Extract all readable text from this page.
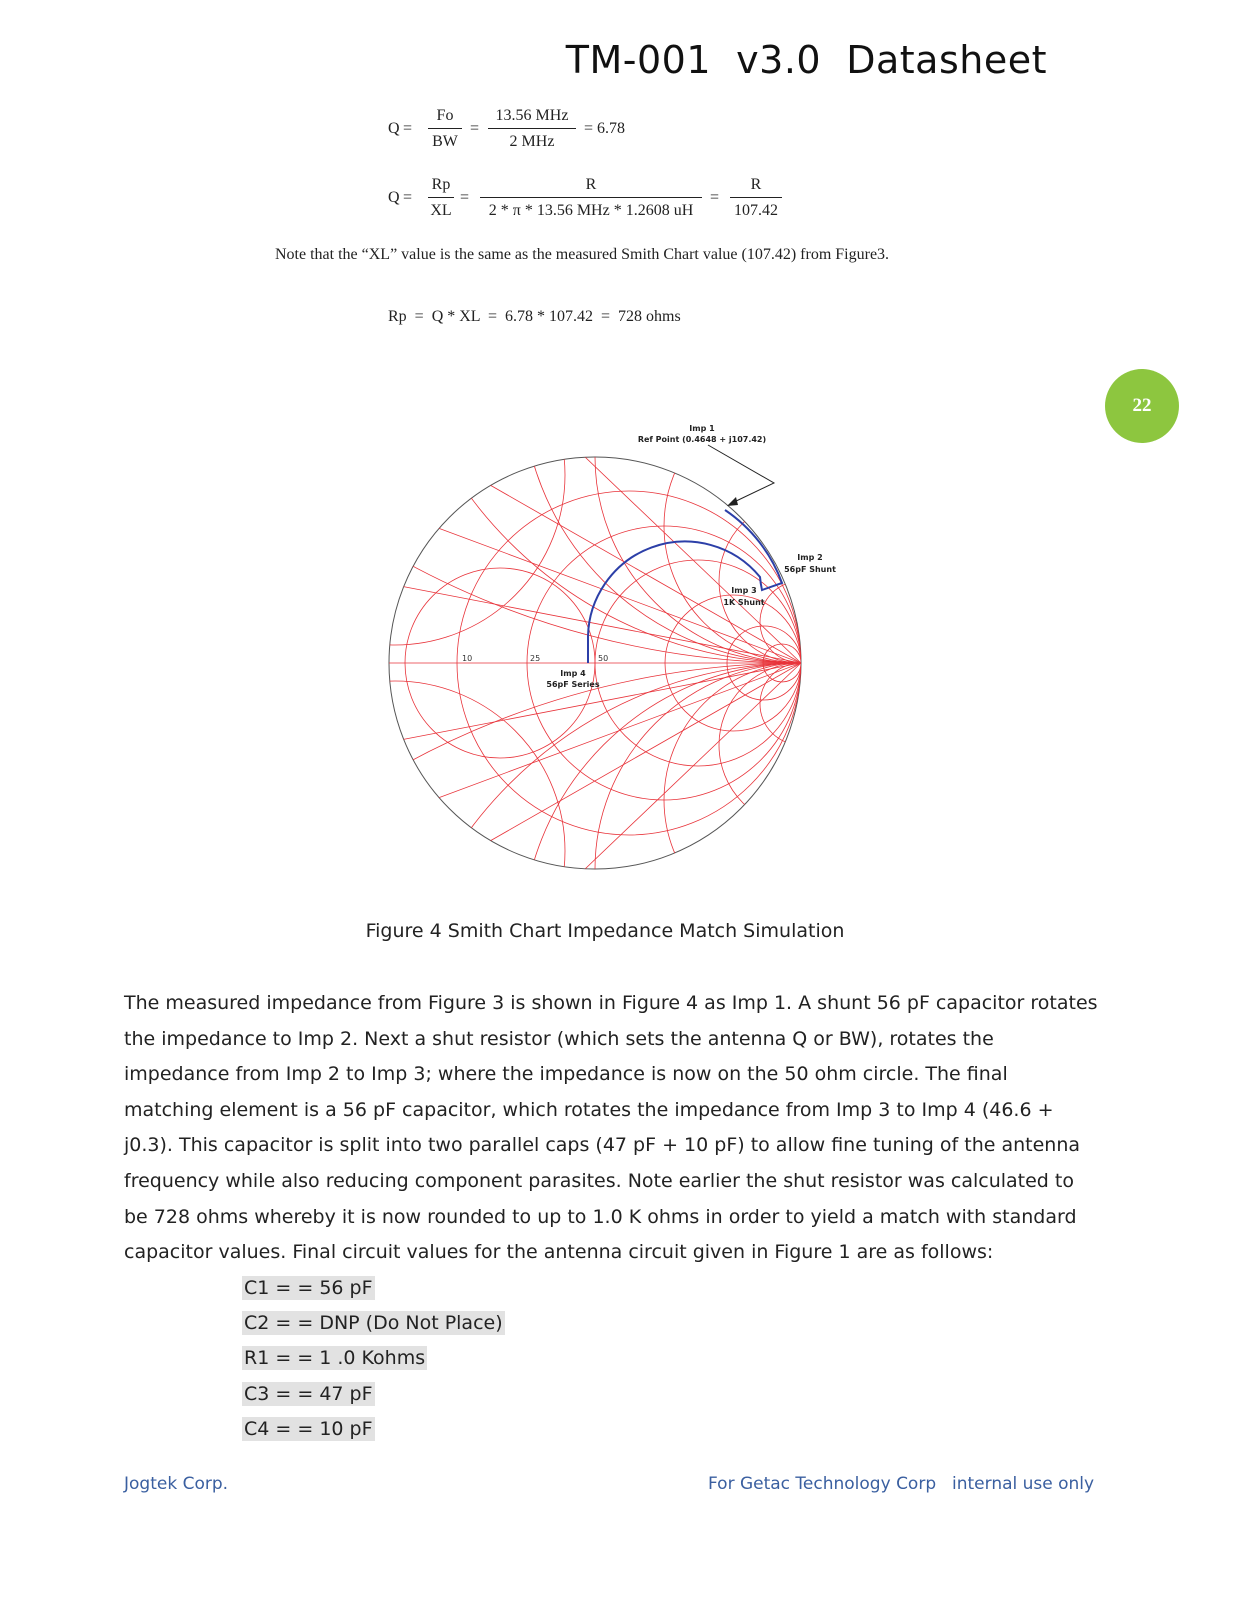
TM-001  v3.0  Datasheet
Q =
Fo
BW
=
13.56 MHz
2 MHz
= 6.78
Q =
Rp
XL
=
R
2 * π * 13.56 MHz * 1.2608 uH
=
R
107.42
Note that the “XL” value is the same as the measured Smith Chart value (107.42) from Figure3.
Rp  =  Q * XL  =  6.78 * 107.42  =  728 ohms
22
Imp 1
Ref Point (0.4648 + j107.42)
Imp 2
56pF Shunt
Imp 3
1K Shunt
Imp 4
56pF Series
10	25	50
Figure 4 Smith Chart Impedance Match Simulation
The measured impedance from Figure 3 is shown in Figure 4 as Imp 1. A shunt 56 pF capacitor rotates the impedance to Imp 2. Next a shut resistor (which sets the antenna Q or BW), rotates the impedance from Imp 2 to Imp 3; where the impedance is now on the 50 ohm circle. The final matching element is a 56 pF capacitor, which rotates the impedance from Imp 3 to Imp 4 (46.6 + j0.3). This capacitor is split into two parallel caps (47 pF + 10 pF) to allow fine tuning of the antenna frequency while also reducing component parasites. Note earlier the shut resistor was calculated to be 728 ohms whereby it is now rounded to up to 1.0 K ohms in order to yield a match with standard capacitor values. Final circuit values for the antenna circuit given in Figure 1 are as follows:
C1 = = 56 pF
C2 = = DNP (Do Not Place)
R1 = = 1 .0 Kohms
C3 = = 47 pF
C4 = = 10 pF
Jogtek Corp.	For Getac Technology Corp internal use only
